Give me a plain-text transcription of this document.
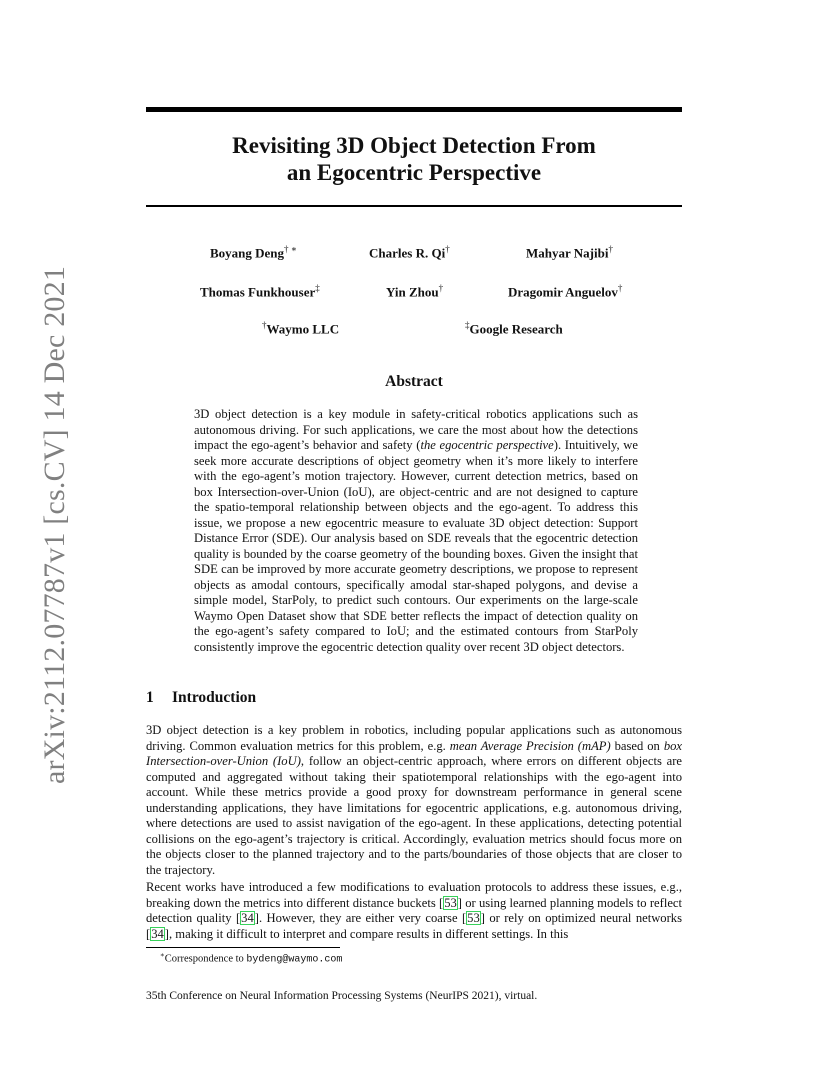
arXiv:2112.07787v1 [cs.CV] 14 Dec 2021
Revisiting 3D Object Detection From
an Egocentric Perspective
Boyang Deng† ∗	Charles R. Qi†	Mahyar Najibi†
Thomas Funkhouser‡	Yin Zhou†	Dragomir Anguelov†
†Waymo LLC	‡Google Research
Abstract
3D object detection is a key module in safety-critical robotics applications such as autonomous driving. For such applications, we care the most about how the detections impact the ego-agent’s behavior and safety (the egocentric perspective). Intuitively, we seek more accurate descriptions of object geometry when it’s more likely to interfere with the ego-agent’s motion trajectory. However, current detection metrics, based on box Intersection-over-Union (IoU), are object-centric and are not designed to capture the spatio-temporal relationship between objects and the ego-agent. To address this issue, we propose a new egocentric measure to evaluate 3D object detection: Support Distance Error (SDE). Our analysis based on SDE reveals that the egocentric detection quality is bounded by the coarse geometry of the bounding boxes. Given the insight that SDE can be improved by more accurate geometry descriptions, we propose to represent objects as amodal contours, specifically amodal star-shaped polygons, and devise a simple model, StarPoly, to predict such contours. Our experiments on the large-scale Waymo Open Dataset show that SDE better reflects the impact of detection quality on the ego-agent’s safety compared to IoU; and the estimated contours from StarPoly consistently improve the egocentric detection quality over recent 3D object detectors.
1 Introduction
3D object detection is a key problem in robotics, including popular applications such as autonomous driving. Common evaluation metrics for this problem, e.g. mean Average Precision (mAP) based on box Intersection-over-Union (IoU), follow an object-centric approach, where errors on different objects are computed and aggregated without taking their spatiotemporal relationships with the ego-agent into account. While these metrics provide a good proxy for downstream performance in general scene understanding applications, they have limitations for egocentric applications, e.g. autonomous driving, where detections are used to assist navigation of the ego-agent. In these applications, detecting potential collisions on the ego-agent’s trajectory is critical. Accordingly, evaluation metrics should focus more on the objects closer to the planned trajectory and to the parts/boundaries of those objects that are closer to the trajectory.
Recent works have introduced a few modifications to evaluation protocols to address these issues, e.g., breaking down the metrics into different distance buckets [53] or using learned planning models to reflect detection quality [34]. However, they are either very coarse [53] or rely on optimized neural networks [34], making it difficult to interpret and compare results in different settings. In this
∗Correspondence to bydeng@waymo.com
35th Conference on Neural Information Processing Systems (NeurIPS 2021), virtual.
